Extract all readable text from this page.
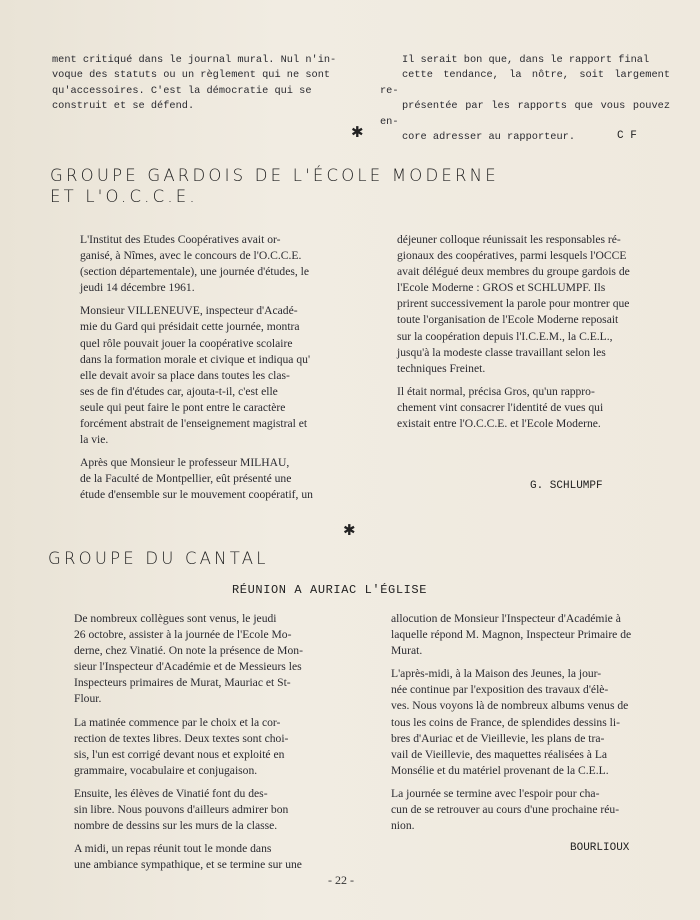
ment critiqué dans le journal mural. Nul n'in-
voque des statuts ou un règlement qui ne sont
qu'accessoires. C'est la démocratie qui se
construit et se défend.

Il serait bon que, dans le rapport final
cette tendance, la nôtre, soit largement re-
présentée par les rapports que vous pouvez en-
core adresser au rapporteur.

✱	C F
GROUPE GARDOIS DE L'ÉCOLE MODERNE
ET L'O.C.C.E.

L'Institut des Etudes Coopératives avait or-
ganisé, à Nîmes, avec le concours de l'O.C.C.E.
(section départementale), une journée d'études, le
jeudi 14 décembre 1961.

Monsieur VILLENEUVE, inspecteur d'Acadé-
mie du Gard qui présidait cette journée, montra
quel rôle pouvait jouer la coopérative scolaire
dans la formation morale et civique et indiqua qu'
elle devait avoir sa place dans toutes les clas-
ses de fin d'études car, ajouta-t-il, c'est elle
seule qui peut faire le pont entre le caractère
forcément abstrait de l'enseignement magistral et
la vie.

Après que Monsieur le professeur MILHAU,
de la Faculté de Montpellier, eût présenté une
étude d'ensemble sur le mouvement coopératif, un

déjeuner colloque réunissait les responsables ré-
gionaux des coopératives, parmi lesquels l'OCCE
avait délégué deux membres du groupe gardois de
l'Ecole Moderne : GROS et SCHLUMPF. Ils
prirent successivement la parole pour montrer que
toute l'organisation de l'Ecole Moderne reposait
sur la coopération depuis l'I.C.E.M., la C.E.L.,
jusqu'à la modeste classe travaillant selon les
techniques Freinet.

Il était normal, précisa Gros, qu'un rappro-
chement vint consacrer l'identité de vues qui
existait entre l'O.C.C.E. et l'Ecole Moderne.

G. SCHLUMPF
✱
GROUPE DU CANTAL
RÉUNION A AURIAC L'ÉGLISE

De nombreux collègues sont venus, le jeudi
26 octobre, assister à la journée de l'Ecole Mo-
derne, chez Vinatié. On note la présence de Mon-
sieur l'Inspecteur d'Académie et de Messieurs les
Inspecteurs primaires de Murat, Mauriac et St-
Flour.

La matinée commence par le choix et la cor-
rection de textes libres. Deux textes sont choi-
sis, l'un est corrigé devant nous et exploité en
grammaire, vocabulaire et conjugaison.

Ensuite, les élèves de Vinatié font du des-
sin libre. Nous pouvons d'ailleurs admirer bon
nombre de dessins sur les murs de la classe.

A midi, un repas réunit tout le monde dans
une ambiance sympathique, et se termine sur une

allocution de Monsieur l'Inspecteur d'Académie à
laquelle répond M. Magnon, Inspecteur Primaire de
Murat.

L'après-midi, à la Maison des Jeunes, la jour-
née continue par l'exposition des travaux d'élè-
ves. Nous voyons là de nombreux albums venus de
tous les coins de France, de splendides dessins li-
bres d'Auriac et de Vieillevie, les plans de tra-
vail de Vieillevie, des maquettes réalisées à La
Monsélie et du matériel provenant de la C.E.L.

La journée se termine avec l'espoir pour cha-
cun de se retrouver au cours d'une prochaine réu-
nion.

BOURLIOUX
- 22 -
